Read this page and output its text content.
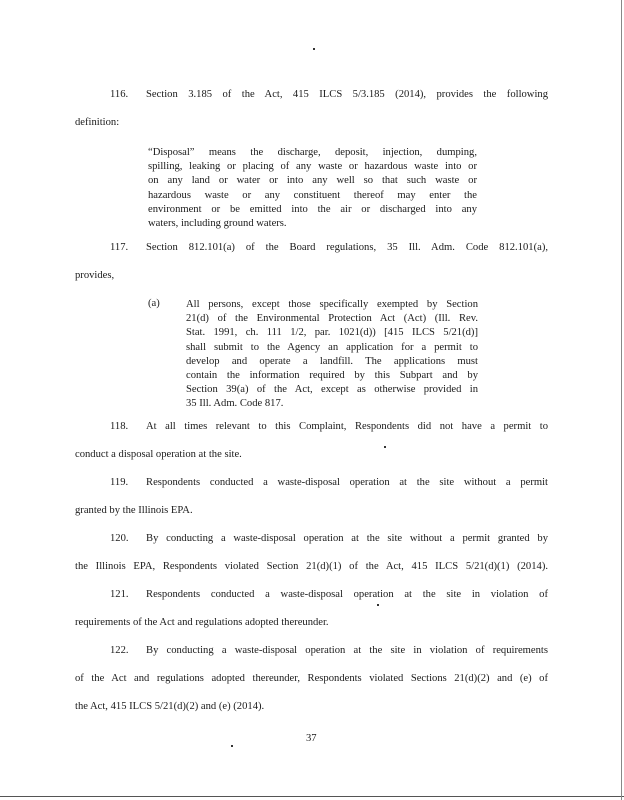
116. Section 3.185 of the Act, 415 ILCS 5/3.185 (2014), provides the following
definition:
“Disposal” means the discharge, deposit, injection, dumping,
spilling, leaking or placing of any waste or hazardous waste into or
on any land or water or into any well so that such waste or
hazardous waste or any constituent thereof may enter the
environment or be emitted into the air or discharged into any
waters, including ground waters.
117. Section 812.101(a) of the Board regulations, 35 Ill. Adm. Code 812.101(a),
provides,
(a) All persons, except those specifically exempted by Section
21(d) of the Environmental Protection Act (Act) (Ill. Rev.
Stat. 1991, ch. 111 1/2, par. 1021(d)) [415 ILCS 5/21(d)]
shall submit to the Agency an application for a permit to
develop and operate a landfill. The applications must
contain the information required by this Subpart and by
Section 39(a) of the Act, except as otherwise provided in
35 Ill. Adm. Code 817.
118. At all times relevant to this Complaint, Respondents did not have a permit to
conduct a disposal operation at the site.
119. Respondents conducted a waste-disposal operation at the site without a permit
granted by the Illinois EPA.
120. By conducting a waste-disposal operation at the site without a permit granted by
the Illinois EPA, Respondents violated Section 21(d)(1) of the Act, 415 ILCS 5/21(d)(1) (2014).
121. Respondents conducted a waste-disposal operation at the site in violation of
requirements of the Act and regulations adopted thereunder.
122. By conducting a waste-disposal operation at the site in violation of requirements
of the Act and regulations adopted thereunder, Respondents violated Sections 21(d)(2) and (e) of
the Act, 415 ILCS 5/21(d)(2) and (e) (2014).
37
